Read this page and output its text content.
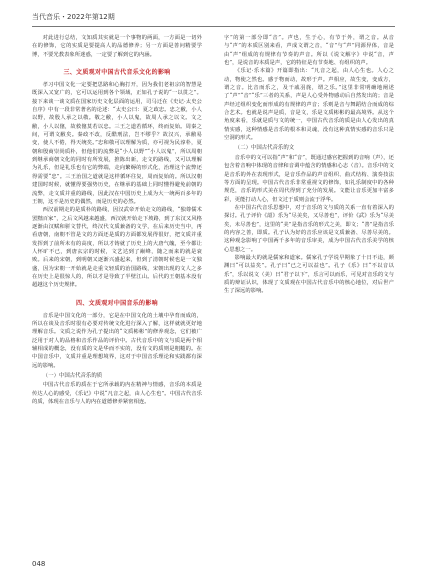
当代音乐・2022年第12期

对此进行总结，文知质其实就是一个事物的两面，一方面是一切外在的修饰，它的实质是要提高人的品德修养；另一方面是善问精要学博，不要光教表象所迷惑，一定要了解到它的内涵。

三、文质观对中国古代音乐文化的影响

孝习中国文化一定要把思路和心胸打开，因为我们老祖宗的智慧是既深入又宽广的，它可以运用到各个领域，正如孔子说的“一以贯之”。接下来谈一谈文质在国家历史文化层面的运用，司马迁在《史记·太史公自序》中有一段非常著名的论述：“太史公曰：夏之政忠。忠之敝，小人以野，故殷人承之以敬。敬之敝，小人以鬼，故周人承之以文。文之敝，小人以僿，故救僿莫若以忠。三王之道若循环，终而复始。周秦之间，可谓文敝矣。秦政不改，反酷刑法，岂不缪乎？故汉兴，承敝易变，使人不倦，得天统矣。”忠和敬可以理解为质，亦可视为民淳朴，夏朝和殷商崇尚质朴，但他们的流弊是“小人以野”“小人以鬼”，所以周朝到继承商朝文化的同时有所发展，推陈出新，走文的路线，又可以理解为礼乐，但是礼乐也有它的弊端，走向繁缛的形式化，治理这个流弊还得需要“忠”。三王治国之道就是这样循环往复，周而复始的。所以汉朝建国时时候，就懂得要强势历史，在继承的基础上同时懂得避免前朝的流弊，走文质并重的路线，因此汉在中国历史上成为大一统两百多年的王朝，这不是历史的偶然，而是历史的必然。

西汉前期走的是质朴的路线，因汉武帝开始走文的路线，“独尊儒术罢黜百家”，之后文风越来越盛，西汉就开始走下坡路，到了东汉又风格逐渐由汉赋和骈文替代，终汉代文质兼备的文学，在后来历史当中，再看唐朝，南朝不管是文的方面还是质的方面都发展得很好，把文质并重发挥到了前所未有的高度，所以才铸就了历史上的大唐气魄，至今都让人怀旷不已，到唐玄宗的时候，文艺达到了巅峰，随之而来的就是衰败。后来的宋朝，到明朝又逐渐兴盛起来，但到了清朝时候也是一文独盛，因为宋朝一开始就是走重文轻质的治国路线，宋朝出现的文人之多在历史上是很惊人的，所以才是导致了半壁江山。后代的王朝基本没有超越这个历史规律。

四、文质观对中国音乐的影响

音乐是中国文化的一部分，它是在中国文化的土壤中孕育而成的，所以在谈及音乐时很有必要对传统文化进行深入了解，这样就就更好地理解音乐。文质之说作为孔子提出的“文质彬彬”的修养观念，它们被广泛用于对人的品格和音乐作品的评价中。古代音乐中的文与质是两个相辅相成的概念，没有质的文是华而不实的，没有文的质则是粗糙的。在中国音乐中，文质并重是理想境界，这对于中国音乐理论和实践都有深远的影响。

（一）中国古代音乐的质

中国古代音乐的质在于它所承载的内在精神与情感，音乐的本质是传达人心的感受，《乐记》中说“凡音之起，由人心生也”。中国古代音乐的质，体现在音乐与人的内在道德修养紧密相连。

字”的第一部分即“音”。声也，生于心，有节于外，谓之音。从音与“声”的本质区别来看，声成文谓之音，“音”与“声”同源异体，音是由“声”组成的有规律有节奏的声音。所以《说文解字》中说“音，声也”，是说音的本质是声，它的特征是有节奏地、有组织的声。

《乐记·乐本篇》开篇即指出：“凡音之起，由人心生也。人心之动，物使之然也。感于物而动，故形于声。声相应，故生变，变成方，谓之音。比音而乐之，及干戚羽旄，谓之乐。”这里非常明确地阐述了“声”“音”“乐”三者的关系，声是人心受外物感动后自然发出的；音是声经过组织变化而形成的有规律的声音；乐则是音与舞蹈结合而成的综合艺术。也就是说声是质，音是文，乐是文质彬彬的最高境界。从这个角度来看，乐就是质与文的统一，中国古代音乐的质是由人心发出的真情实感，这种情感是音乐的根本和灵魂，没有这种真情实感的音乐只是空洞的形式。

（二）中国古代音乐的文

音乐中的文可以指“声”和“音”，既通过感官把握到的音响（声），还包含着音响中体现的音律和音调中蕴含的情感和心志（音）。音乐中的文是音乐的外在表现形式，是音乐作品的声音组织、曲式结构、演奏技法等方面的呈现。中国古代音乐非常重视文的修饰，如礼乐制度中的各种规范，音乐的形式美在周代得到了充分的发展。文能让音乐更加丰富多彩，更能打动人心，但文过于质则会流于浮华。

在中国古代音乐思想中，对于音乐的文与质的关系一直有着深入的探讨。孔子评价《韶》乐为“尽美矣，又尽善也”，评价《武》乐为“尽美矣，未尽善也”，这里的“美”是指音乐的形式之美，即文；“善”是指音乐的内容之善，即质。孔子认为好的音乐应该是文质兼备、尽善尽美的。这种观念影响了中国两千多年的音乐审美，成为中国古代音乐美学的核心思想之一。

影响最大的就是儒家和道家。儒家孔子学说早期象了十日不违，颜渊曰“可以益矣”。孔子曰“已之可以益也”。孔子《乐》曰“不以音以乐”，乐以说文（美）曰“君子以下”，乐言可以而乐，可见对音乐的文与质的辩证认识，体现了文质观在中国古代音乐中的核心地位，对后世产生了深远的影响。

048
